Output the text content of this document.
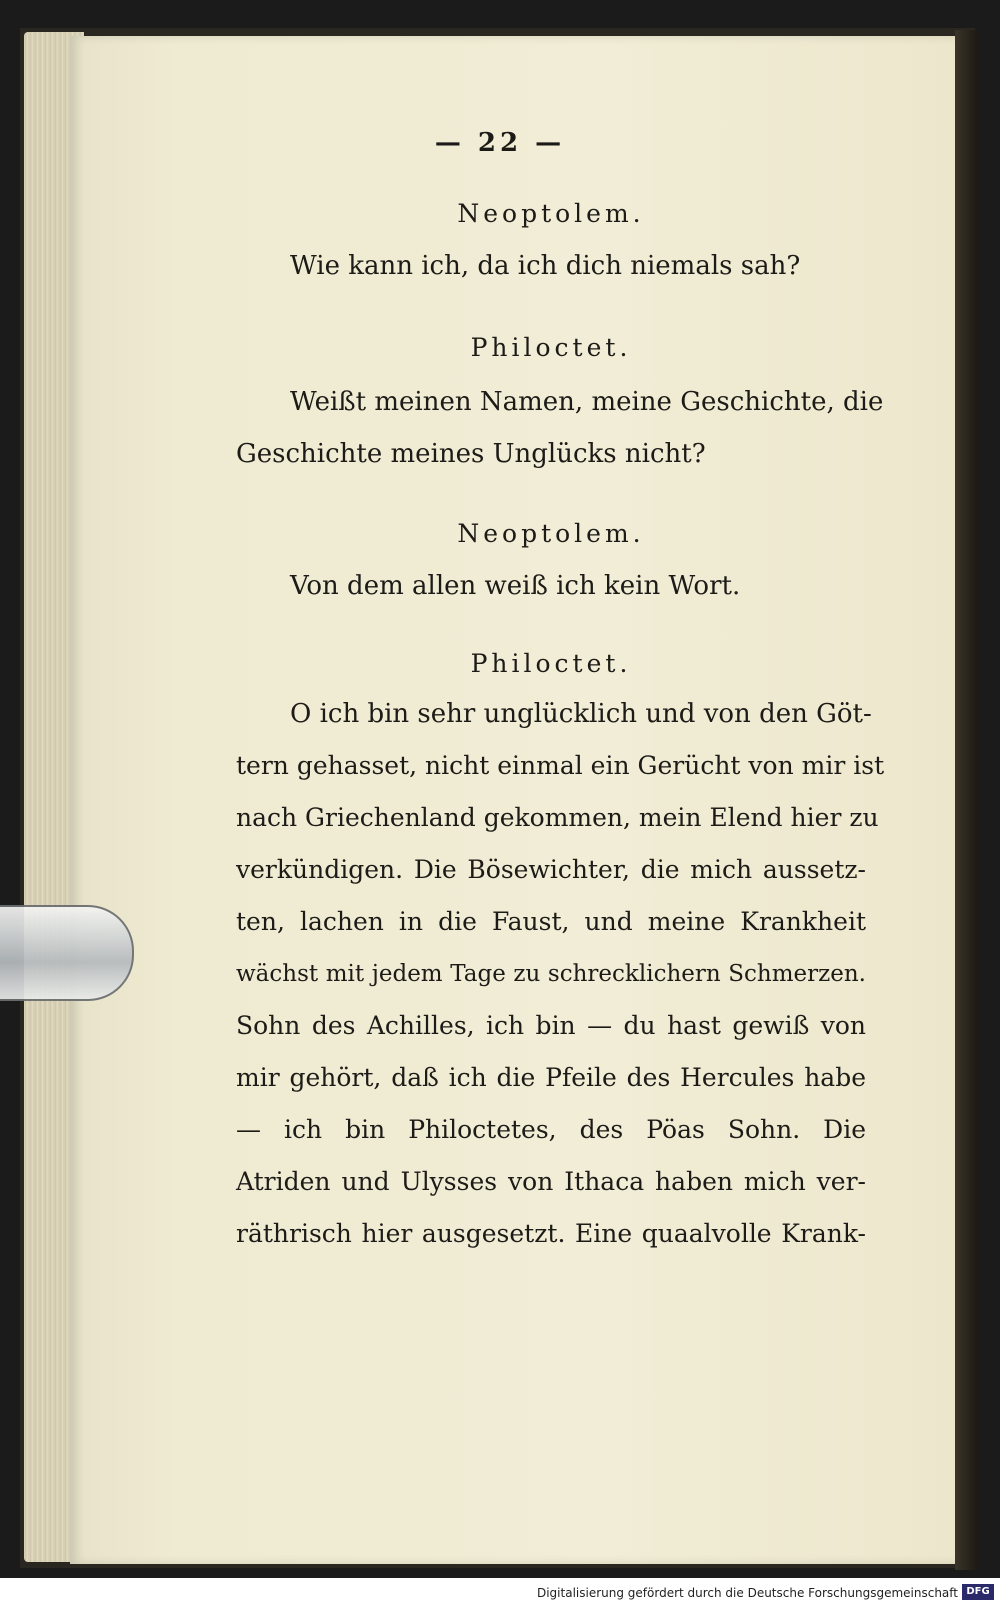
— 22 —
Neoptolem.
Wie kann ich, da ich dich niemals sah?
Philoctet.
Weißt meinen Namen, meine Geschichte, die
Geschichte meines Unglücks nicht?
Neoptolem.
Von dem allen weiß ich kein Wort.
Philoctet.
O ich bin sehr unglücklich und von den Göt-
tern gehasset, nicht einmal ein Gerücht von mir ist
nach Griechenland gekommen, mein Elend hier zu
verkündigen. Die Bösewichter, die mich aussetz-
ten, lachen in die Faust, und meine Krankheit
wächst mit jedem Tage zu schrecklichern Schmerzen.
Sohn des Achilles, ich bin — du hast gewiß von
mir gehört, daß ich die Pfeile des Hercules habe
— ich bin Philoctetes, des Pöas Sohn. Die
Atriden und Ulysses von Ithaca haben mich ver-
räthrisch hier ausgesetzt. Eine quaalvolle Krank-
Digitalisierung gefördert durch die Deutsche Forschungsgemeinschaft DFG
